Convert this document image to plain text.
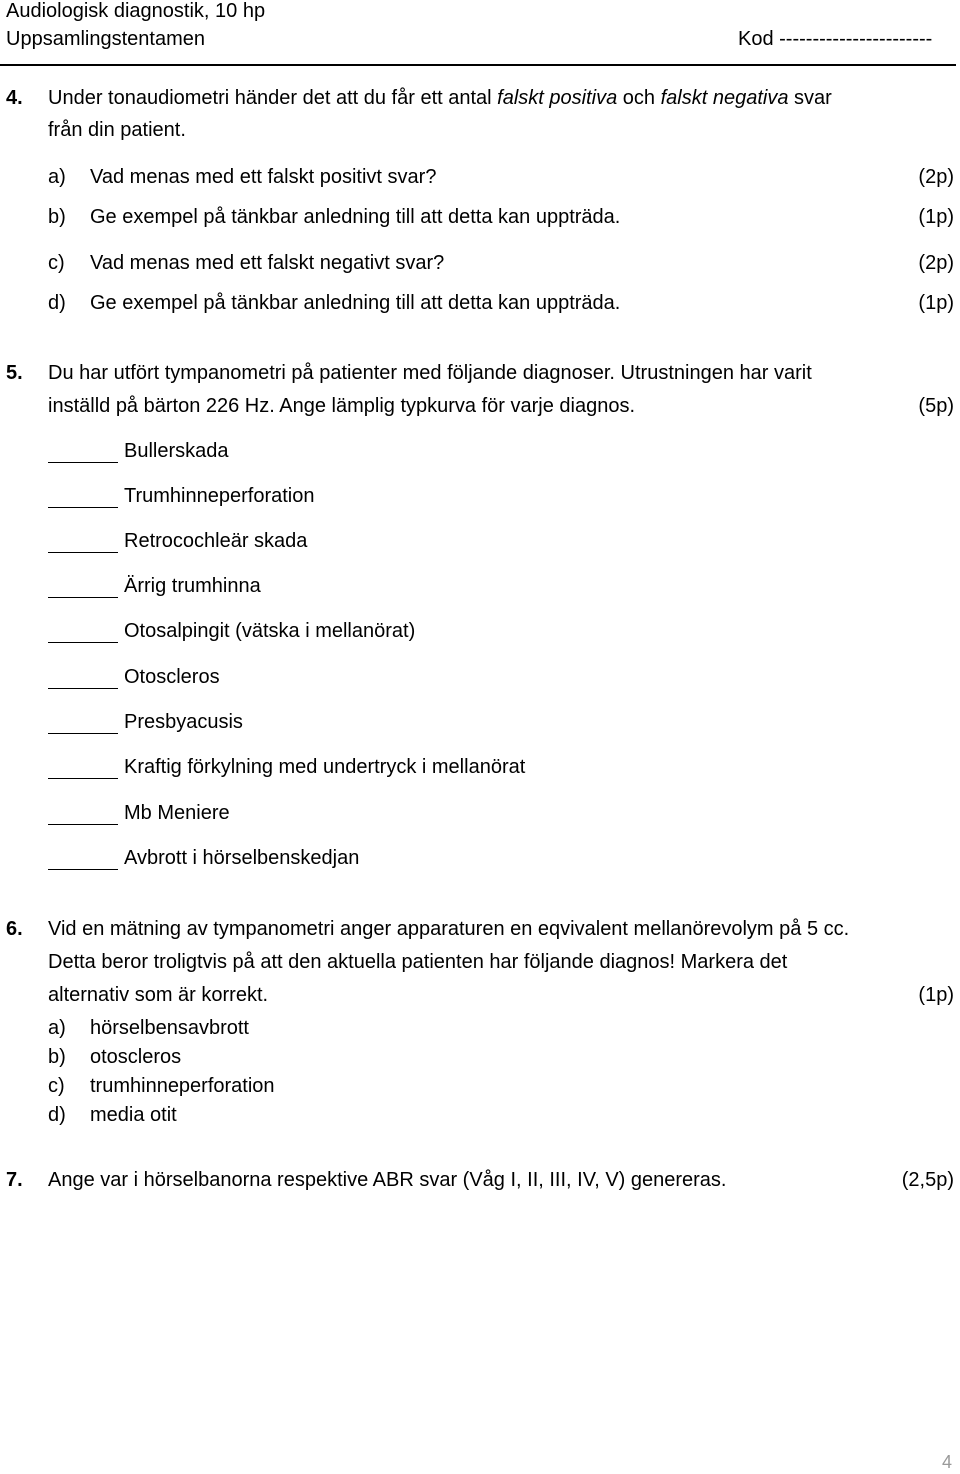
Audiologisk diagnostik, 10 hp
Uppsamlingstentamen	Kod -----------------------
4. Under tonaudiometri händer det att du får ett antal falskt positiva och falskt negativa svar
från din patient.
a) Vad menas med ett falskt positivt svar?	(2p)
b) Ge exempel på tänkbar anledning till att detta kan uppträda.	(1p)
c) Vad menas med ett falskt negativt svar?	(2p)
d) Ge exempel på tänkbar anledning till att detta kan uppträda.	(1p)
5. Du har utfört tympanometri på patienter med följande diagnoser. Utrustningen har varit
inställd på bärton 226 Hz. Ange lämplig typkurva för varje diagnos.	(5p)
Bullerskada
Trumhinneperforation
Retrocochleär skada
Ärrig trumhinna
Otosalpingit (vätska i mellanörat)
Otoscleros
Presbyacusis
Kraftig förkylning med undertryck i mellanörat
Mb Meniere
Avbrott i hörselbenskedjan
6. Vid en mätning av tympanometri anger apparaturen en eqvivalent mellanörevolym på 5 cc.
Detta beror troligtvis på att den aktuella patienten har följande diagnos! Markera det
alternativ som är korrekt.	(1p)
a) hörselbensavbrott
b) otoscleros
c) trumhinneperforation
d) media otit
7. Ange var i hörselbanorna respektive ABR svar (Våg I, II, III, IV, V) genereras.	(2,5p)
4
